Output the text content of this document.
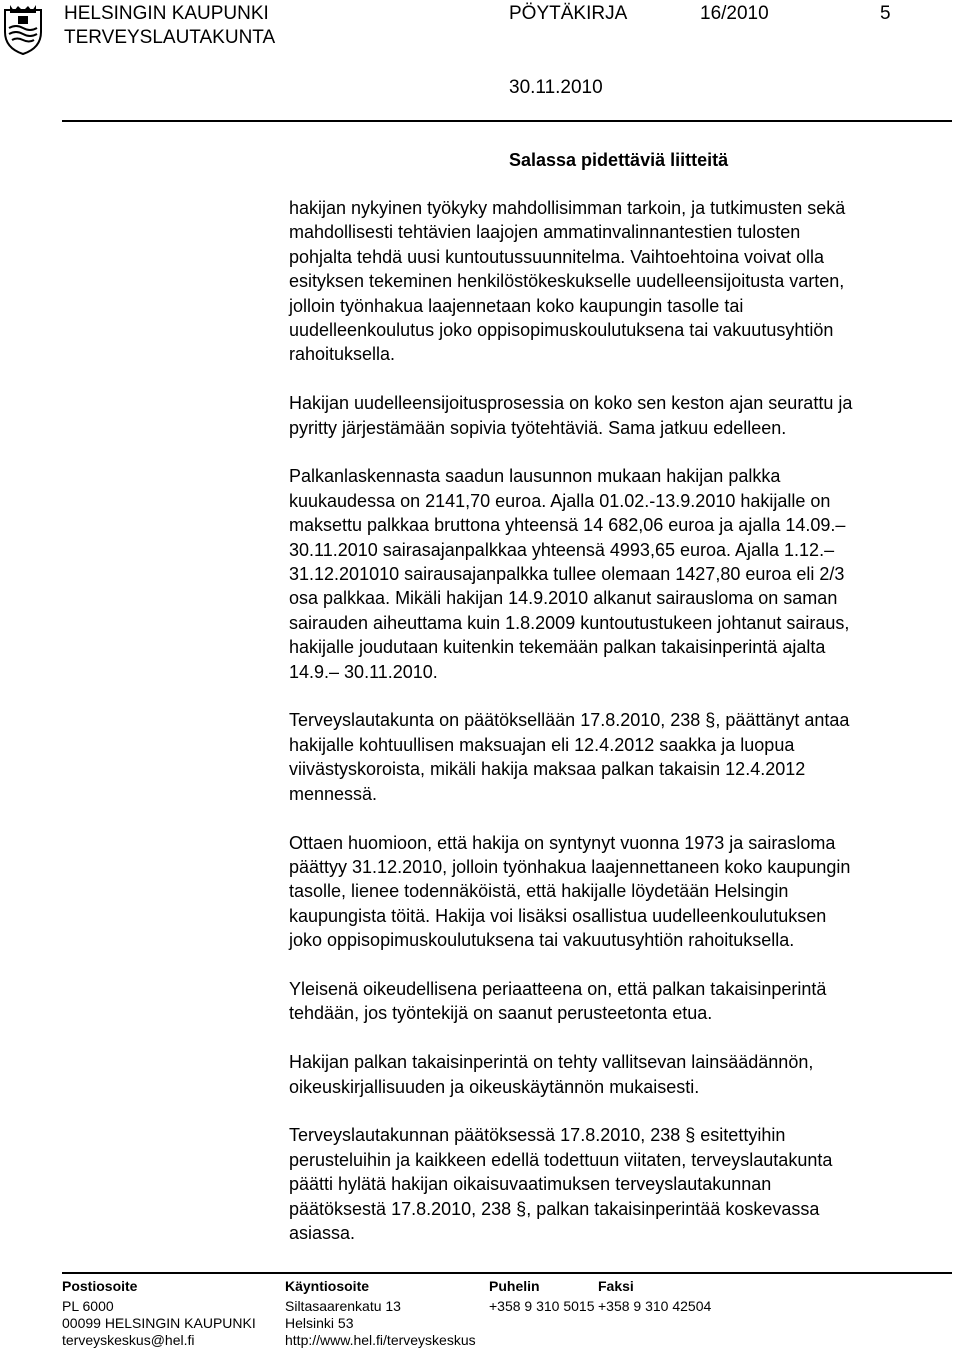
HELSINGIN KAUPUNKI
TERVEYSLAUTAKUNTA
PÖYTÄKIRJA	16/2010	5
30.11.2010
Salassa pidettäviä liitteitä

hakijan nykyinen työkyky mahdollisimman tarkoin, ja tutkimusten sekä
mahdollisesti tehtävien laajojen ammatinvalinnantestien tulosten
pohjalta tehdä uusi kuntoutussuunnitelma. Vaihtoehtoina voivat olla
esityksen tekeminen henkilöstökeskukselle uudelleensijoitusta varten,
jolloin työnhakua laajennetaan koko kaupungin tasolle tai
uudelleenkoulutus joko oppisopimuskoulutuksena tai vakuutusyhtiön
rahoituksella.

Hakijan uudelleensijoitusprosessia on koko sen keston ajan seurattu ja
pyritty järjestämään sopivia työtehtäviä. Sama jatkuu edelleen.

Palkanlaskennasta saadun lausunnon mukaan hakijan palkka
kuukaudessa on 2141,70 euroa. Ajalla 01.02.-13.9.2010 hakijalle on
maksettu palkkaa bruttona yhteensä 14 682,06 euroa ja ajalla 14.09.–
30.11.2010 sairasajanpalkkaa yhteensä 4993,65 euroa. Ajalla 1.12.–
31.12.201010 sairausajanpalkka tullee olemaan 1427,80 euroa eli 2/3
osa palkkaa. Mikäli hakijan 14.9.2010 alkanut sairausloma on saman
sairauden aiheuttama kuin 1.8.2009 kuntoutustukeen johtanut sairaus,
hakijalle joudutaan kuitenkin tekemään palkan takaisinperintä ajalta
14.9.– 30.11.2010.

Terveyslautakunta on päätöksellään 17.8.2010, 238 §, päättänyt antaa
hakijalle kohtuullisen maksuajan eli 12.4.2012 saakka ja luopua
viivästyskoroista, mikäli hakija maksaa palkan takaisin 12.4.2012
mennessä.

Ottaen huomioon, että hakija on syntynyt vuonna 1973 ja sairasloma
päättyy 31.12.2010, jolloin työnhakua laajennettaneen koko kaupungin
tasolle, lienee todennäköistä, että hakijalle löydetään Helsingin
kaupungista töitä. Hakija voi lisäksi osallistua uudelleenkoulutuksen
joko oppisopimuskoulutuksena tai vakuutusyhtiön rahoituksella.

Yleisenä oikeudellisena periaatteena on, että palkan takaisinperintä
tehdään, jos työntekijä on saanut perusteetonta etua.

Hakijan palkan takaisinperintä on tehty vallitsevan lainsäädännön,
oikeuskirjallisuuden ja oikeuskäytännön mukaisesti.

Terveyslautakunnan päätöksessä 17.8.2010, 238 § esitettyihin
perusteluihin ja kaikkeen edellä todettuun viitaten, terveyslautakunta
päätti hylätä hakijan oikaisuvaatimuksen terveyslautakunnan
päätöksestä 17.8.2010, 238 §, palkan takaisinperintää koskevassa
asiassa.

Postiosoite
PL 6000
00099 HELSINGIN KAUPUNKI
terveyskeskus@hel.fi
Käyntiosoite
Siltasaarenkatu 13
Helsinki 53
http://www.hel.fi/terveyskeskus
Puhelin
+358 9 310 5015
Faksi
+358 9 310 42504
